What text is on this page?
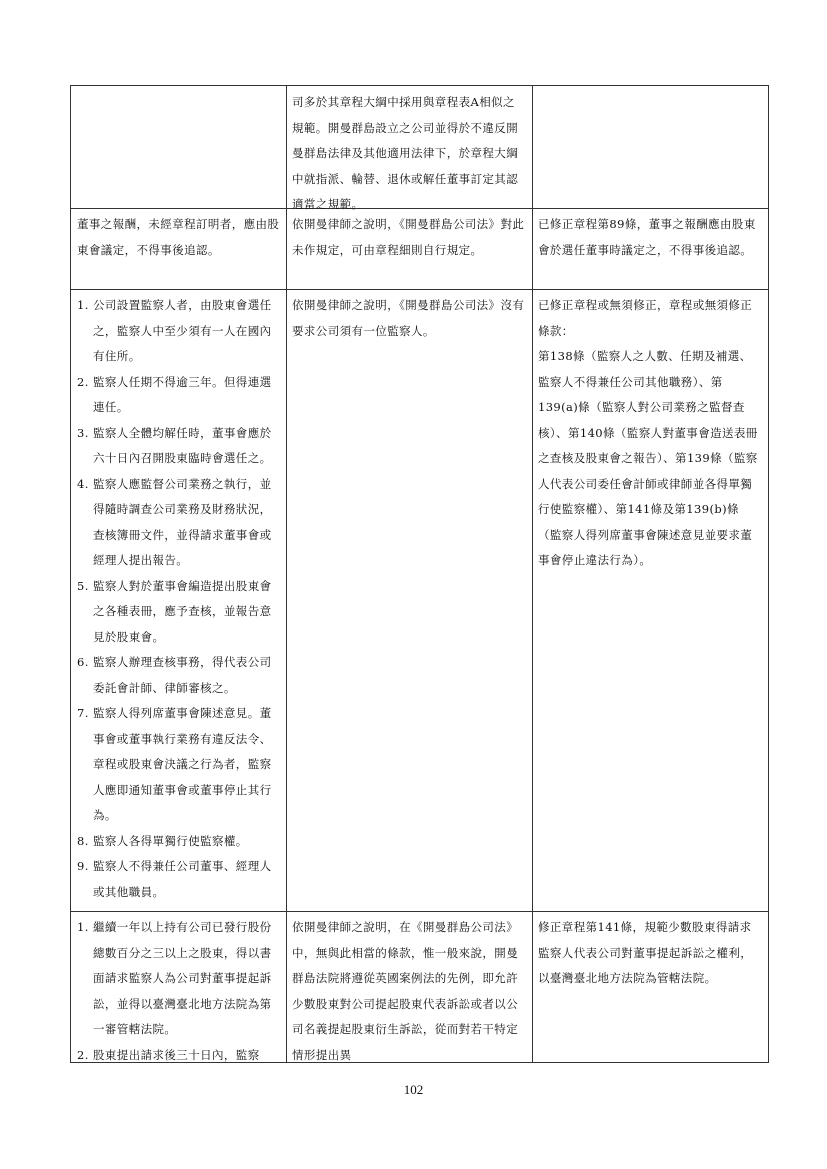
司多於其章程大綱中採用與章程表A相似之規範。開曼群島設立之公司並得於不違反開曼群島法律及其他適用法律下，於章程大綱中就指派、輪替、退休或解任董事訂定其認適當之規範。

董事之報酬，未經章程訂明者，應由股東會議定，不得事後追認。

依開曼律師之說明，《開曼群島公司法》對此未作規定，可由章程細則自行規定。

已修正章程第89條，董事之報酬應由股東會於選任董事時議定之，不得事後追認。

1. 公司設置監察人者，由股東會選任之，監察人中至少須有一人在國內有住所。
2. 監察人任期不得逾三年。但得連選連任。
3. 監察人全體均解任時，董事會應於六十日內召開股東臨時會選任之。
4. 監察人應監督公司業務之執行，並得隨時調查公司業務及財務狀況，查核簿冊文件，並得請求董事會或經理人提出報告。
5. 監察人對於董事會編造提出股東會之各種表冊，應予查核，並報告意見於股東會。
6. 監察人辦理查核事務，得代表公司委託會計師、律師審核之。
7. 監察人得列席董事會陳述意見。董事會或董事執行業務有違反法令、章程或股東會決議之行為者，監察人應即通知董事會或董事停止其行為。
8. 監察人各得單獨行使監察權。
9. 監察人不得兼任公司董事、經理人或其他職員。

依開曼律師之說明，《開曼群島公司法》沒有要求公司須有一位監察人。

已修正章程或無須修正，章程或無須修正條款：

第138條（監察人之人數、任期及補選、監察人不得兼任公司其他職務）、第139(a)條（監察人對公司業務之監督查核）、第140條（監察人對董事會造送表冊之查核及股東會之報告）、第139條（監察人代表公司委任會計師或律師並各得單獨行使監察權）、第141條及第139(b)條（監察人得列席董事會陳述意見並要求董事會停止違法行為）。

1. 繼續一年以上持有公司已發行股份總數百分之三以上之股東，得以書面請求監察人為公司對董事提起訴訟，並得以臺灣臺北地方法院為第一審管轄法院。
2. 股東提出請求後三十日內，監察

依開曼律師之說明，在《開曼群島公司法》中，無與此相當的條款，惟一般來說，開曼群島法院將遵從英國案例法的先例，即允許少數股東對公司提起股東代表訴訟或者以公司名義提起股東衍生訴訟，從而對若干特定情形提出異

修正章程第141條，規範少數股東得請求監察人代表公司對董事提起訴訟之權利，以臺灣臺北地方法院為管轄法院。

102
